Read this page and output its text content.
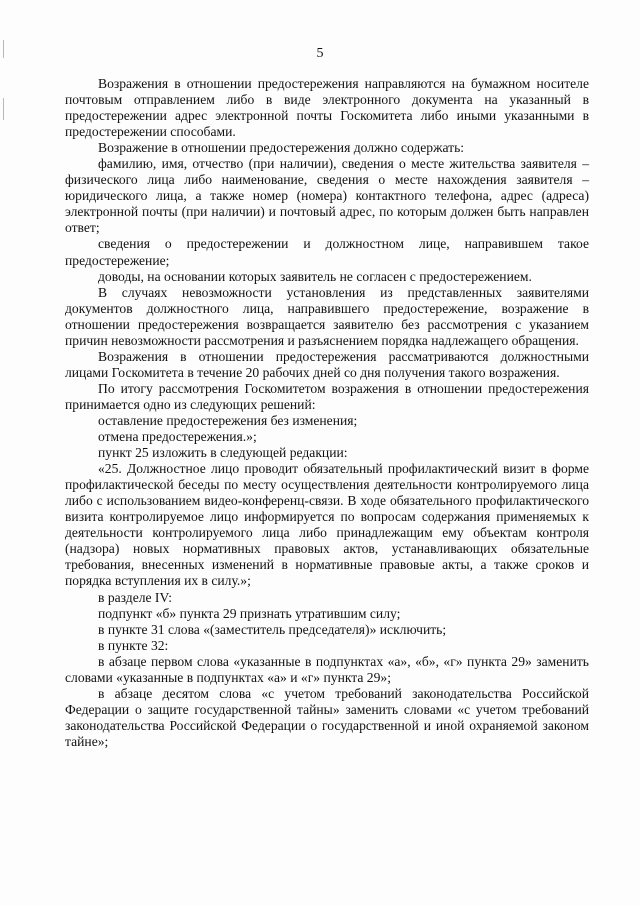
5

Возражения в отношении предостережения направляются на бумажном носителе почтовым отправлением либо в виде электронного документа на указанный в предостережении адрес электронной почты Госкомитета либо иными указанными в предостережении способами.

Возражение в отношении предостережения должно содержать:

фамилию, имя, отчество (при наличии), сведения о месте жительства заявителя – физического лица либо наименование, сведения о месте нахождения заявителя – юридического лица, а также номер (номера) контактного телефона, адрес (адреса) электронной почты (при наличии) и почтовый адрес, по которым должен быть направлен ответ;

сведения о предостережении и должностном лице, направившем такое предостережение;

доводы, на основании которых заявитель не согласен с предостережением.

В случаях невозможности установления из представленных заявителями документов должностного лица, направившего предостережение, возражение в отношении предостережения возвращается заявителю без рассмотрения с указанием причин невозможности рассмотрения и разъяснением порядка надлежащего обращения.

Возражения в отношении предостережения рассматриваются должностными лицами Госкомитета в течение 20 рабочих дней со дня получения такого возражения.

По итогу рассмотрения Госкомитетом возражения в отношении предостережения принимается одно из следующих решений:

оставление предостережения без изменения;

отмена предостережения.»;

пункт 25 изложить в следующей редакции:

«25. Должностное лицо проводит обязательный профилактический визит в форме профилактической беседы по месту осуществления деятельности контролируемого лица либо с использованием видео-конференц-связи. В ходе обязательного профилактического визита контролируемое лицо информируется по вопросам содержания применяемых к деятельности контролируемого лица либо принадлежащим ему объектам контроля (надзора) новых нормативных правовых актов, устанавливающих обязательные требования, внесенных изменений в нормативные правовые акты, а также сроков и порядка вступления их в силу.»;

в разделе IV:

подпункт «б» пункта 29 признать утратившим силу;

в пункте 31 слова «(заместитель председателя)» исключить;

в пункте 32:

в абзаце первом слова «указанные в подпунктах «а», «б», «г» пункта 29» заменить словами «указанные в подпунктах «а» и «г» пункта 29»;

в абзаце десятом слова «с учетом требований законодательства Российской Федерации о защите государственной тайны» заменить словами «с учетом требований законодательства Российской Федерации о государственной и иной охраняемой законом тайне»;
